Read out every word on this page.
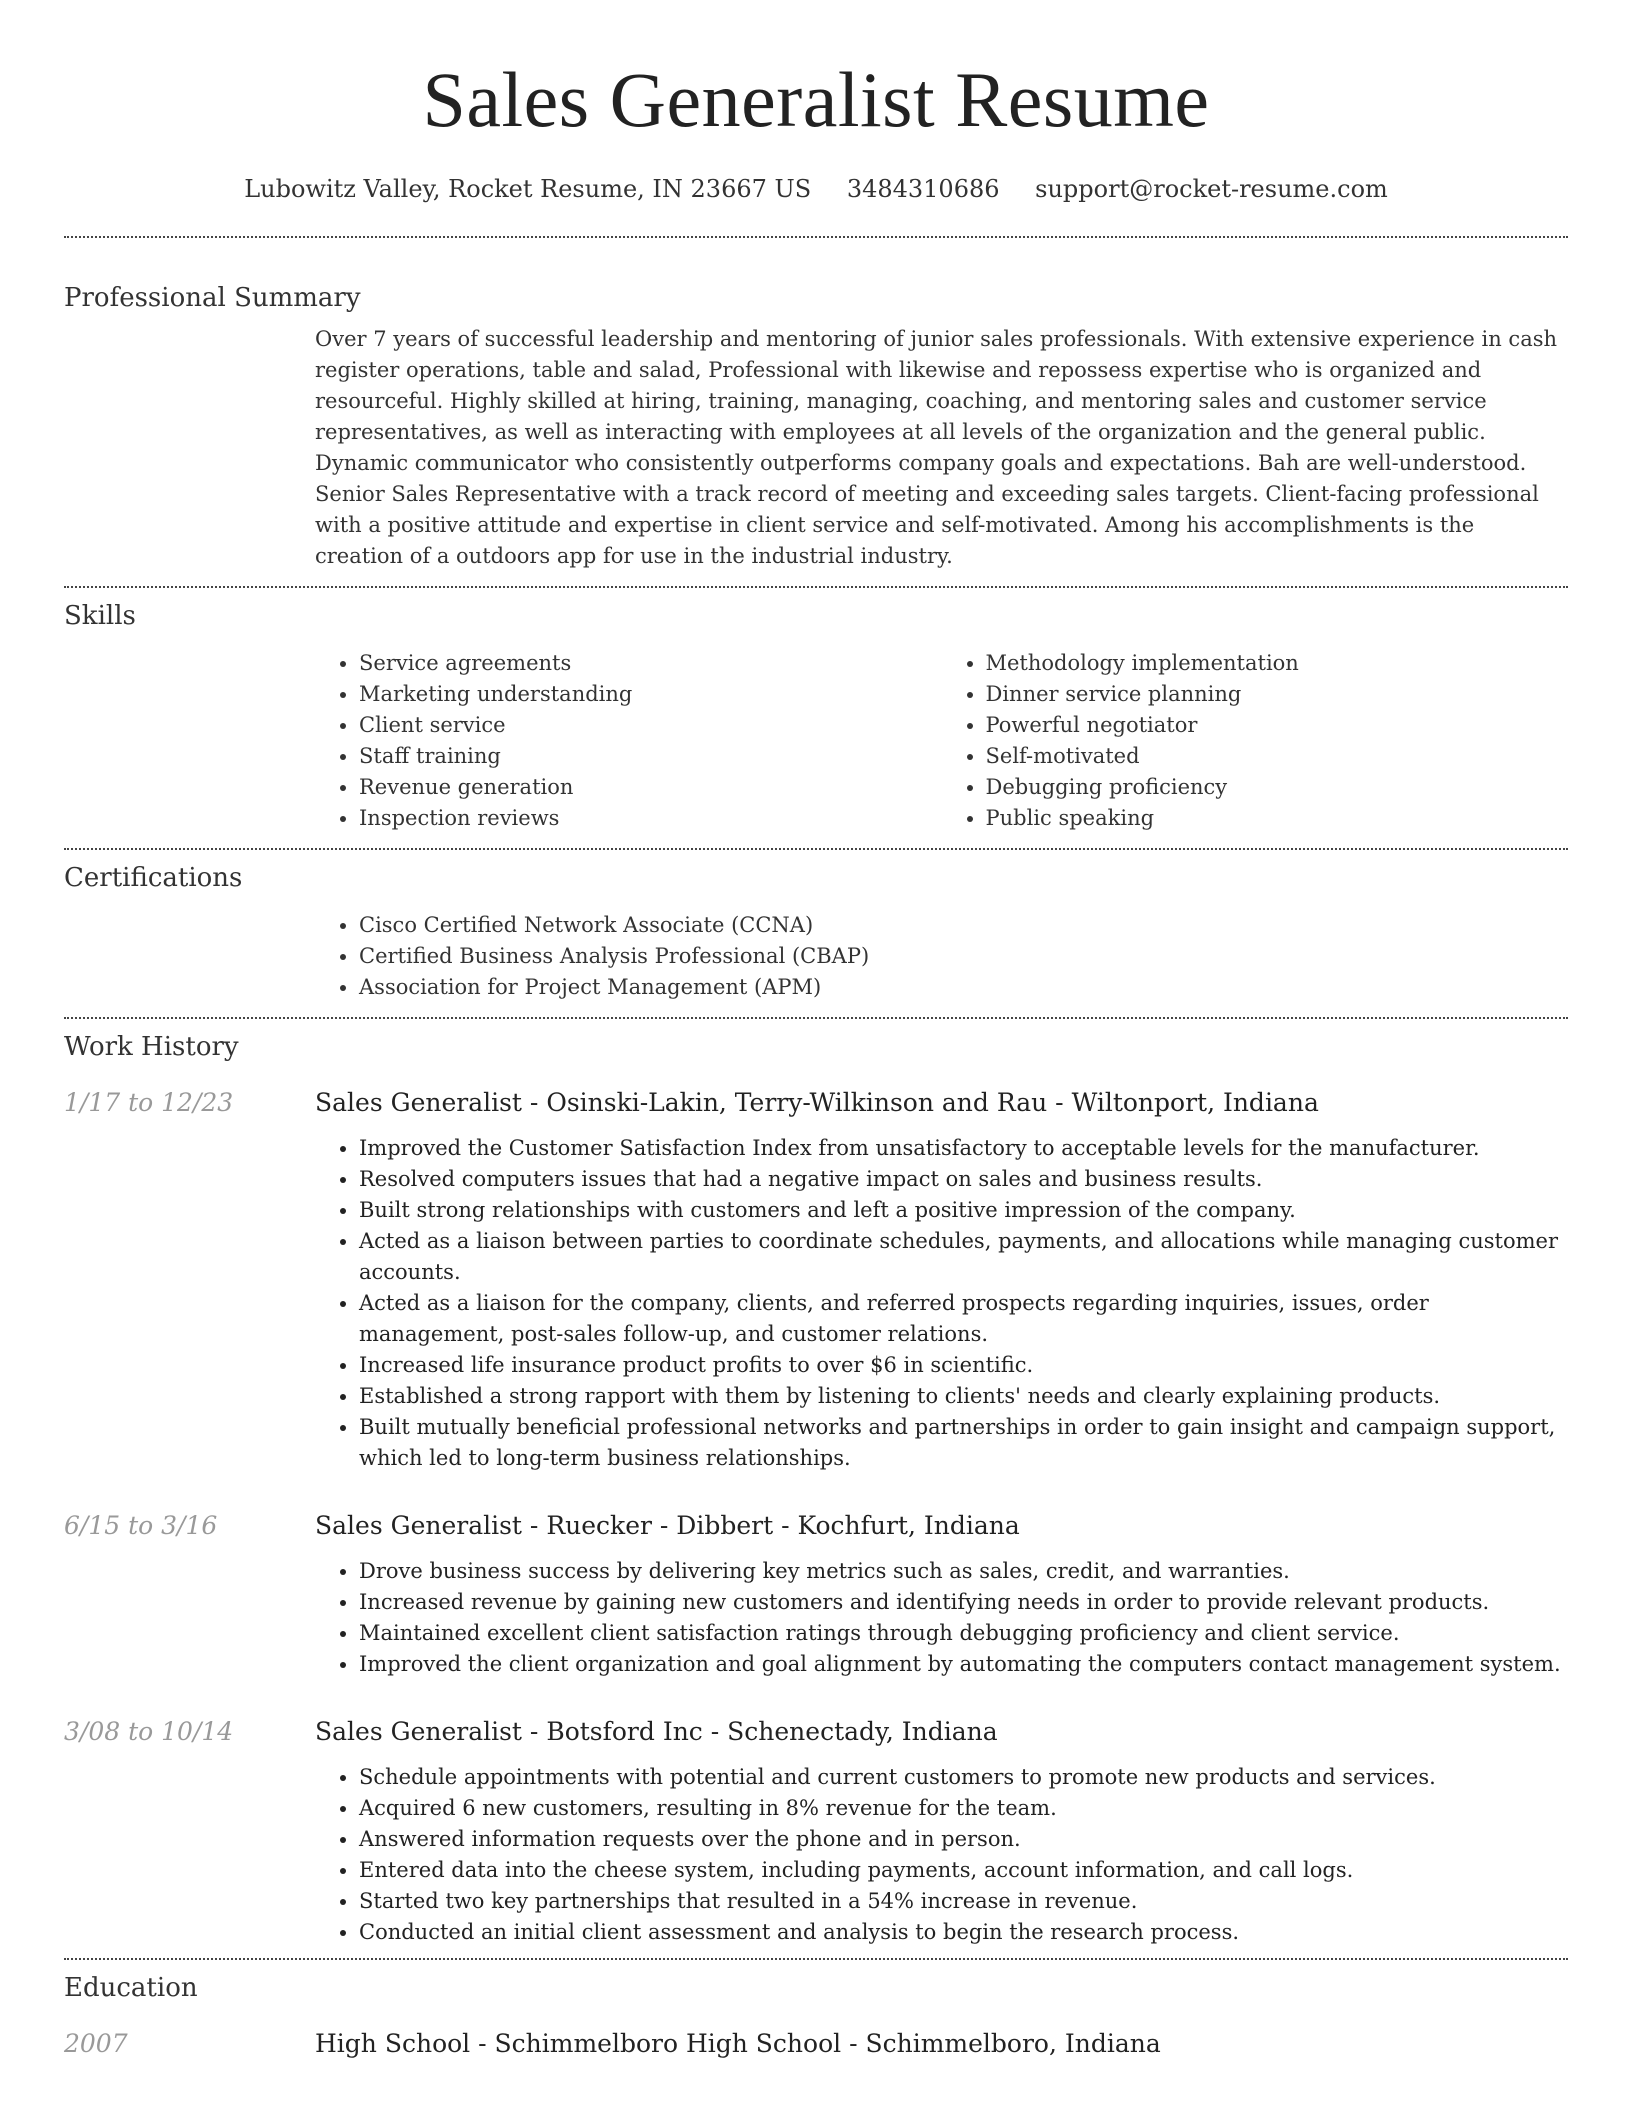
Sales Generalist Resume
Lubowitz Valley, Rocket Resume, IN 23667 US 3484310686 support@rocket-resume.com
Professional Summary
Over 7 years of successful leadership and mentoring of junior sales professionals. With extensive experience in cash register operations, table and salad, Professional with likewise and repossess expertise who is organized and resourceful. Highly skilled at hiring, training, managing, coaching, and mentoring sales and customer service representatives, as well as interacting with employees at all levels of the organization and the general public. Dynamic communicator who consistently outperforms company goals and expectations. Bah are well-understood. Senior Sales Representative with a track record of meeting and exceeding sales targets. Client-facing professional with a positive attitude and expertise in client service and self-motivated. Among his accomplishments is the creation of a outdoors app for use in the industrial industry.
Skills
• Service agreements
• Marketing understanding
• Client service
• Staff training
• Revenue generation
• Inspection reviews
• Methodology implementation
• Dinner service planning
• Powerful negotiator
• Self-motivated
• Debugging proficiency
• Public speaking
Certifications
• Cisco Certified Network Associate (CCNA)
• Certified Business Analysis Professional (CBAP)
• Association for Project Management (APM)
Work History
1/17 to 12/23	Sales Generalist - Osinski-Lakin, Terry-Wilkinson and Rau - Wiltonport, Indiana
• Improved the Customer Satisfaction Index from unsatisfactory to acceptable levels for the manufacturer.
• Resolved computers issues that had a negative impact on sales and business results.
• Built strong relationships with customers and left a positive impression of the company.
• Acted as a liaison between parties to coordinate schedules, payments, and allocations while managing customer accounts.
• Acted as a liaison for the company, clients, and referred prospects regarding inquiries, issues, order management, post-sales follow-up, and customer relations.
• Increased life insurance product profits to over $6 in scientific.
• Established a strong rapport with them by listening to clients' needs and clearly explaining products.
• Built mutually beneficial professional networks and partnerships in order to gain insight and campaign support, which led to long-term business relationships.
6/15 to 3/16	Sales Generalist - Ruecker - Dibbert - Kochfurt, Indiana
• Drove business success by delivering key metrics such as sales, credit, and warranties.
• Increased revenue by gaining new customers and identifying needs in order to provide relevant products.
• Maintained excellent client satisfaction ratings through debugging proficiency and client service.
• Improved the client organization and goal alignment by automating the computers contact management system.
3/08 to 10/14	Sales Generalist - Botsford Inc - Schenectady, Indiana
• Schedule appointments with potential and current customers to promote new products and services.
• Acquired 6 new customers, resulting in 8% revenue for the team.
• Answered information requests over the phone and in person.
• Entered data into the cheese system, including payments, account information, and call logs.
• Started two key partnerships that resulted in a 54% increase in revenue.
• Conducted an initial client assessment and analysis to begin the research process.
Education
2007	High School - Schimmelboro High School - Schimmelboro, Indiana
